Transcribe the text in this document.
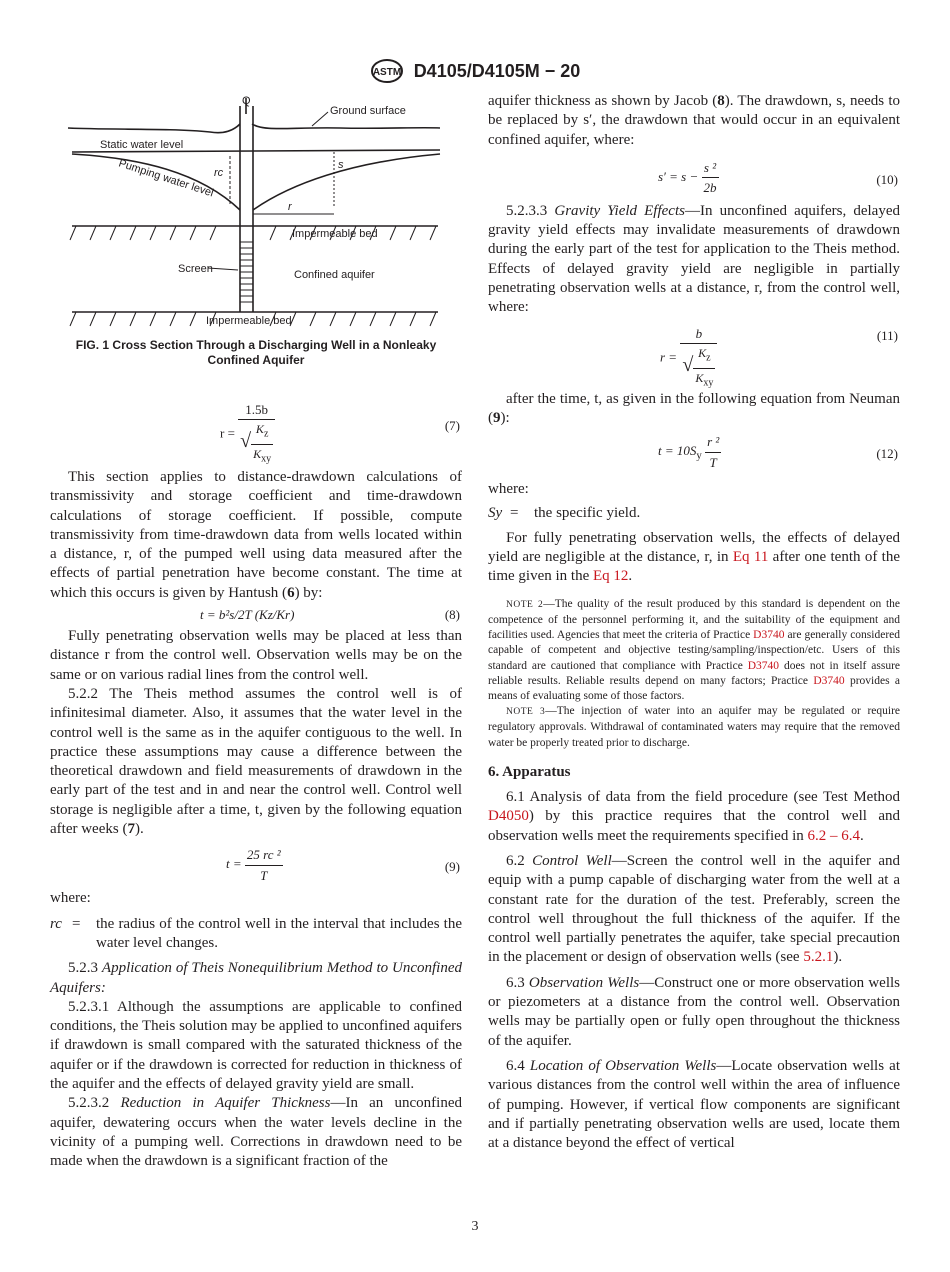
ASTM D4105/D4105M − 20
Q
Ground surface
Static water level
Pumping water level rc
s
r
Impermeable bed
Screen	Confined aquifer
Impermeable bed
FIG. 1 Cross Section Through a Discharging Well in a Nonleaky Confined Aquifer
$r = \frac{1.5b}{√ \frac{K_z}{K_{xy}}}$	(7)

This section applies to distance-drawdown calculations of transmissivity and storage coefficient and time-drawdown calculations of storage coefficient. If possible, compute transmissivity from time-drawdown data from wells located within a distance, r, of the pumped well using data measured after the effects of partial penetration have become constant. The time at which this occurs is given by Hantush (6) by:

t = b²s/2T (Kz/Kr)	(8)

Fully penetrating observation wells may be placed at less than distance r from the control well. Observation wells may be on the same or on various radial lines from the control well.

5.2.2 The Theis method assumes the control well is of infinitesimal diameter. Also, it assumes that the water level in the control well is the same as in the aquifer contiguous to the well. In practice these assumptions may cause a difference between the theoretical drawdown and field measurements of drawdown in the early part of the test and in and near the control well. Control well storage is negligible after a time, t, given by the following equation after weeks (7).

$t = \frac{\text{25 rc ²}}{T}$	(9)

where:

rc = the radius of the control well in the interval that includes the water level changes.

5.2.3 Application of Theis Nonequilibrium Method to Unconfined Aquifers:

5.2.3.1 Although the assumptions are applicable to confined conditions, the Theis solution may be applied to unconfined aquifers if drawdown is small compared with the saturated thickness of the aquifer or if the drawdown is corrected for reduction in thickness of the aquifer and the effects of delayed gravity yield are small.

5.2.3.2 Reduction in Aquifer Thickness—In an unconfined aquifer, dewatering occurs when the water levels decline in the vicinity of a pumping well. Corrections in drawdown need to be made when the drawdown is a significant fraction of the

aquifer thickness as shown by Jacob (8). The drawdown, s, needs to be replaced by s′, the drawdown that would occur in an equivalent confined aquifer, where:

$s' = s - \frac{\text{s ²}}{2b}$	(10)

5.2.3.3 Gravity Yield Effects—In unconfined aquifers, delayed gravity yield effects may invalidate measurements of drawdown during the early part of the test for application to the Theis method. Effects of delayed gravity yield are negligible in partially penetrating observation wells at a distance, r, from the control well, where:

$r = \frac{b}{√ \frac{K_z}{K_{xy}}}$	(11)

after the time, t, as given in the following equation from Neuman (9):

$t = 10S_y \frac{\text{r ²}}{T}$	(12)

where:

Sy = the specific yield.

For fully penetrating observation wells, the effects of delayed yield are negligible at the distance, r, in Eq 11 after one tenth of the time given in the Eq 12.

NOTE 2—The quality of the result produced by this standard is dependent on the competence of the personnel performing it, and the suitability of the equipment and facilities used. Agencies that meet the criteria of Practice D3740 are generally considered capable of competent and objective testing/sampling/inspection/etc. Users of this standard are cautioned that compliance with Practice D3740 does not in itself assure reliable results. Reliable results depend on many factors; Practice D3740 provides a means of evaluating some of those factors.

NOTE 3—The injection of water into an aquifer may be regulated or require regulatory approvals. Withdrawal of contaminated waters may require that the removed water be properly treated prior to discharge.

6. Apparatus

6.1 Analysis of data from the field procedure (see Test Method D4050) by this practice requires that the control well and observation wells meet the requirements specified in 6.2 – 6.4.

6.2 Control Well—Screen the control well in the aquifer and equip with a pump capable of discharging water from the well at a constant rate for the duration of the test. Preferably, screen the control well throughout the full thickness of the aquifer. If the control well partially penetrates the aquifer, take special precaution in the placement or design of observation wells (see 5.2.1).

6.3 Observation Wells—Construct one or more observation wells or piezometers at a distance from the control well. Observation wells may be partially open or fully open throughout the thickness of the aquifer.

6.4 Location of Observation Wells—Locate observation wells at various distances from the control well within the area of influence of pumping. However, if vertical flow components are significant and if partially penetrating observation wells are used, locate them at a distance beyond the effect of vertical

3
